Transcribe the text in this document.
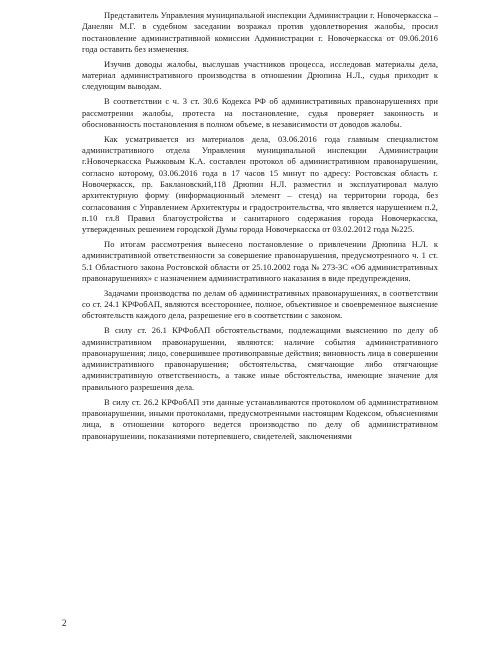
Представитель Управления муниципальной инспекции Администрации г. Новочеркасска – Данелян М.Г. в судебном заседании возражал против удовлетворения жалобы, просил постановление административной комиссии Администрации г. Новочеркасска от 09.06.2016 года оставить без изменения.

Изучив доводы жалобы, выслушав участников процесса, исследовав материалы дела, материал административного производства в отношении Дрюпина Н.Л., судья приходит к следующим выводам.

В соответствии с ч. 3 ст. 30.6 Кодекса РФ об административных правонарушениях при рассмотрении жалобы, протеста на постановление, судья проверяет законность и обоснованность постановления в полном объеме, в независимости от доводов жалобы.

Как усматривается из материалов дела, 03.06.2016 года главным специалистом административного отдела Управления муниципальной инспекции Администрации г.Новочеркасска Рыжковым К.А. составлен протокол об административном правонарушении, согласно которому, 03.06.2016 года в 17 часов 15 минут по адресу: Ростовская область г. Новочеркасск, пр. Баклановский,118 Дрюпин Н.Л. разместил и эксплуатировал малую архитектурную форму (информационный элемент – стенд) на территории города, без согласования с Управлением Архитектуры и градостроительства, что является нарушением п.2, п.10 гл.8 Правил благоустройства и санитарного содержания города Новочеркасска, утвержденных решением городской Думы города Новочеркасска от 03.02.2012 года №225.

По итогам рассмотрения вынесено постановление о привлечении Дрюпина Н.Л. к административной ответственности за совершение правонарушения, предусмотренного ч. 1 ст. 5.1 Областного закона Ростовской области от 25.10.2002 года № 273-ЗС «Об административных правонарушениях» с назначением административного наказания в виде предупреждения.

Задачами производства по делам об административных правонарушениях, в соответствии со ст. 24.1 КРФобАП, являются всестороннее, полное, объективное и своевременное выяснение обстоятельств каждого дела, разрешение его в соответствии с законом.

В силу ст. 26.1 КРФобАП обстоятельствами, подлежащими выяснению по делу об административном правонарушении, являются: наличие события административного правонарушения; лицо, совершившее противоправные действия; виновность лица в совершении административного правонарушения; обстоятельства, смягчающие либо отягчающие административную ответственность, а также иные обстоятельства, имеющие значение для правильного разрешения дела.

В силу ст. 26.2 КРФобАП эти данные устанавливаются протоколом об административном правонарушении, иными протоколами, предусмотренными настоящим Кодексом, объяснениями лица, в отношении которого ведется производство по делу об административном правонарушении, показаниями потерпевшего, свидетелей, заключениями

2
